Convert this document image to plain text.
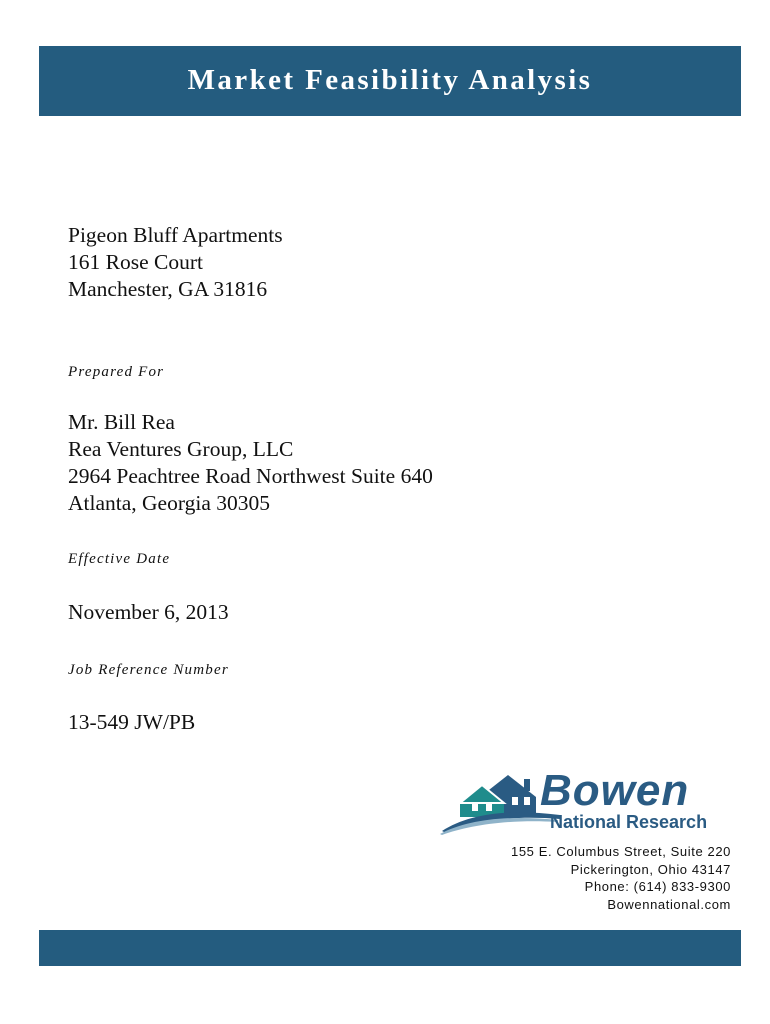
Market Feasibility Analysis
Pigeon Bluff Apartments
161 Rose Court
Manchester, GA 31816
Prepared For
Mr. Bill Rea
Rea Ventures Group, LLC
2964 Peachtree Road Northwest Suite 640
Atlanta, Georgia 30305
Effective Date
November 6, 2013
Job Reference Number
13-549 JW/PB
Bowen
National Research
155 E. Columbus Street, Suite 220
Pickerington, Ohio 43147
Phone: (614) 833-9300
Bowennational.com
